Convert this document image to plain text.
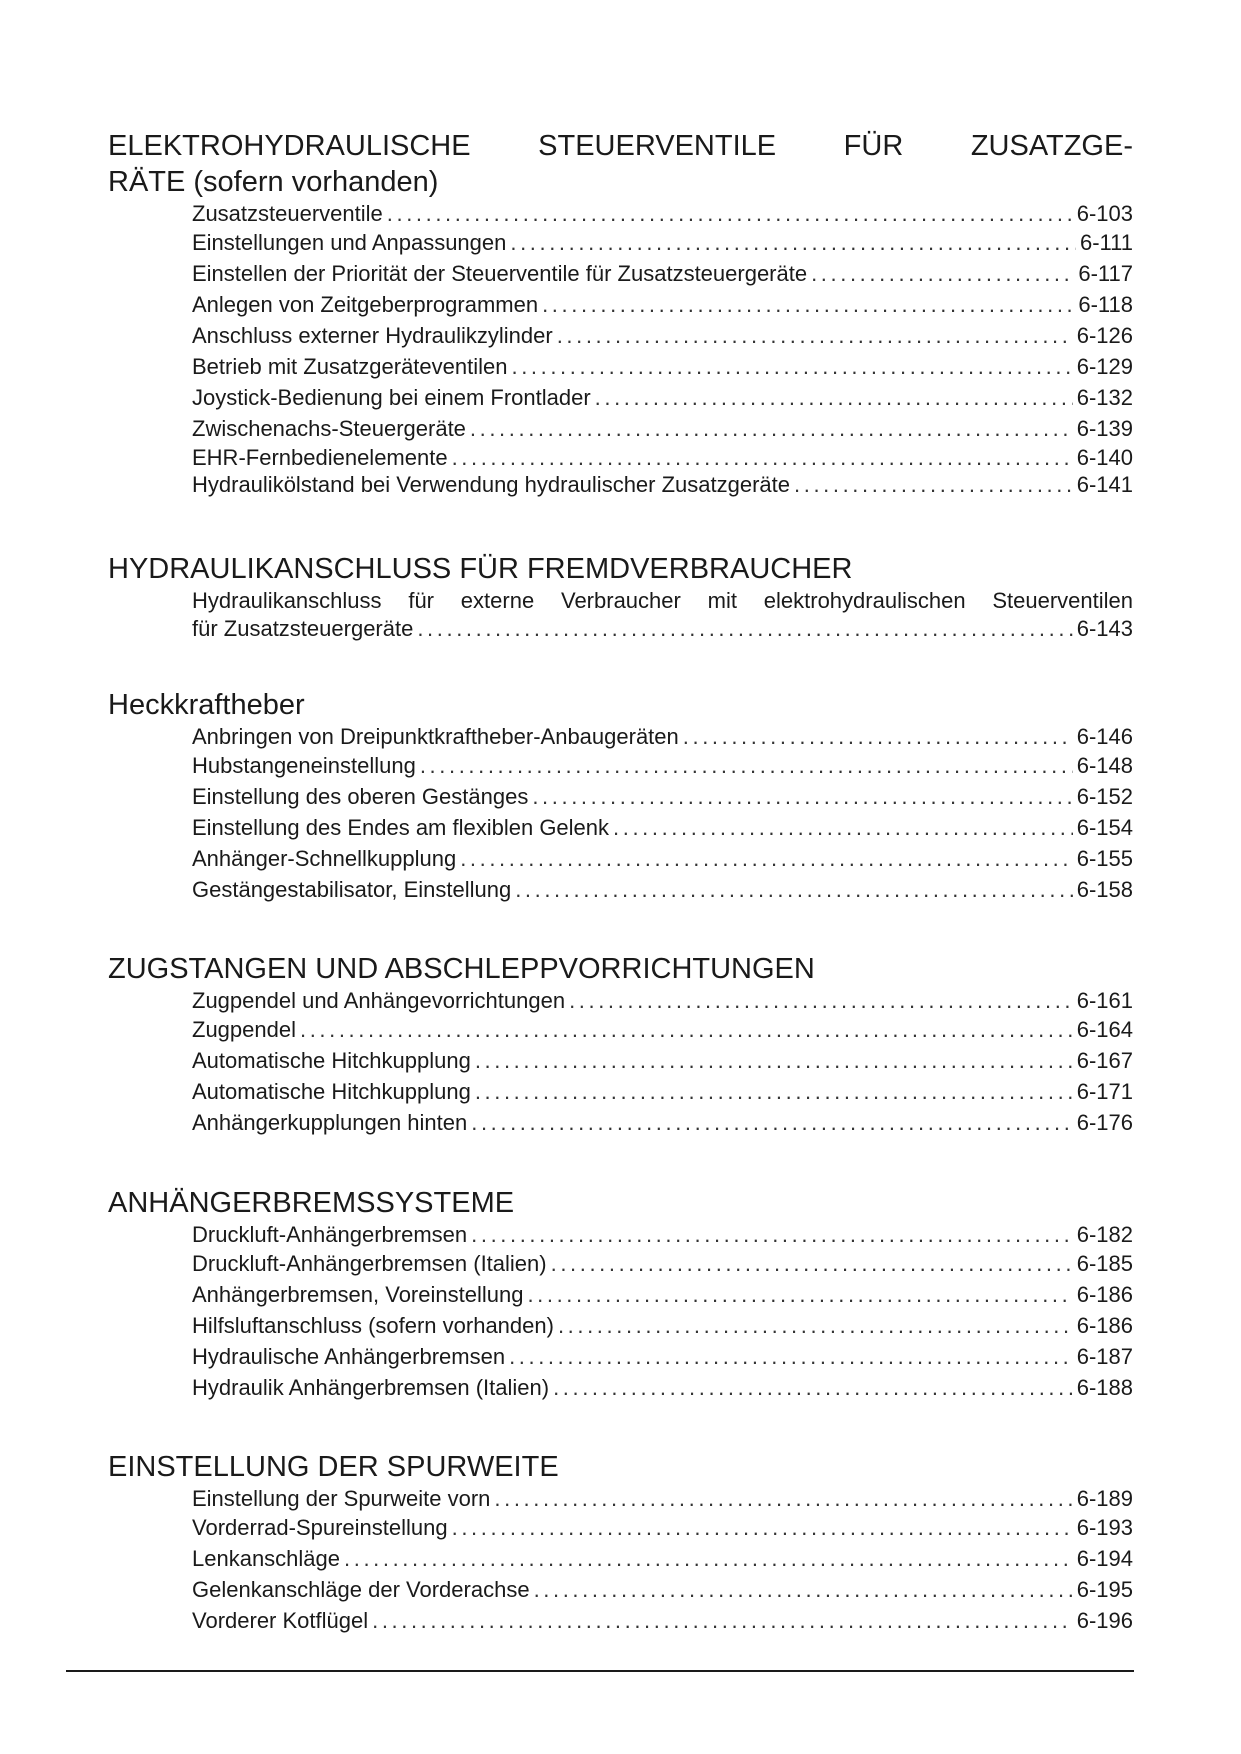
ELEKTROHYDRAULISCHE STEUERVENTILE FÜR ZUSATZGE-
RÄTE (sofern vorhanden)
Zusatzsteuerventile .....	6-103
Einstellungen und Anpassungen .....	6-111
Einstellen der Priorität der Steuerventile für Zusatzsteuergeräte .....	6-117
Anlegen von Zeitgeberprogrammen .....	6-118
Anschluss externer Hydraulikzylinder .....	6-126
Betrieb mit Zusatzgeräteventilen .....	6-129
Joystick-Bedienung bei einem Frontlader .....	6-132
Zwischenachs-Steuergeräte .....	6-139
EHR-Fernbedienelemente .....	6-140
Hydraulikölstand bei Verwendung hydraulischer Zusatzgeräte .....	6-141
HYDRAULIKANSCHLUSS FÜR FREMDVERBRAUCHER
Hydraulikanschluss für externe Verbraucher mit elektrohydraulischen Steuerventilen
für Zusatzsteuergeräte .....	6-143
Heckkraftheber
Anbringen von Dreipunktkraftheber-Anbaugeräten .....	6-146
Hubstangeneinstellung .....	6-148
Einstellung des oberen Gestänges .....	6-152
Einstellung des Endes am flexiblen Gelenk .....	6-154
Anhänger-Schnellkupplung .....	6-155
Gestängestabilisator, Einstellung .....	6-158
ZUGSTANGEN UND ABSCHLEPPVORRICHTUNGEN
Zugpendel und Anhängevorrichtungen .....	6-161
Zugpendel .....	6-164
Automatische Hitchkupplung .....	6-167
Automatische Hitchkupplung .....	6-171
Anhängerkupplungen hinten .....	6-176
ANHÄNGERBREMSSYSTEME
Druckluft-Anhängerbremsen .....	6-182
Druckluft-Anhängerbremsen (Italien) .....	6-185
Anhängerbremsen, Voreinstellung .....	6-186
Hilfsluftanschluss (sofern vorhanden) .....	6-186
Hydraulische Anhängerbremsen .....	6-187
Hydraulik Anhängerbremsen (Italien) .....	6-188
EINSTELLUNG DER SPURWEITE
Einstellung der Spurweite vorn .....	6-189
Vorderrad-Spureinstellung .....	6-193
Lenkanschläge .....	6-194
Gelenkanschläge der Vorderachse .....	6-195
Vorderer Kotflügel .....	6-196
